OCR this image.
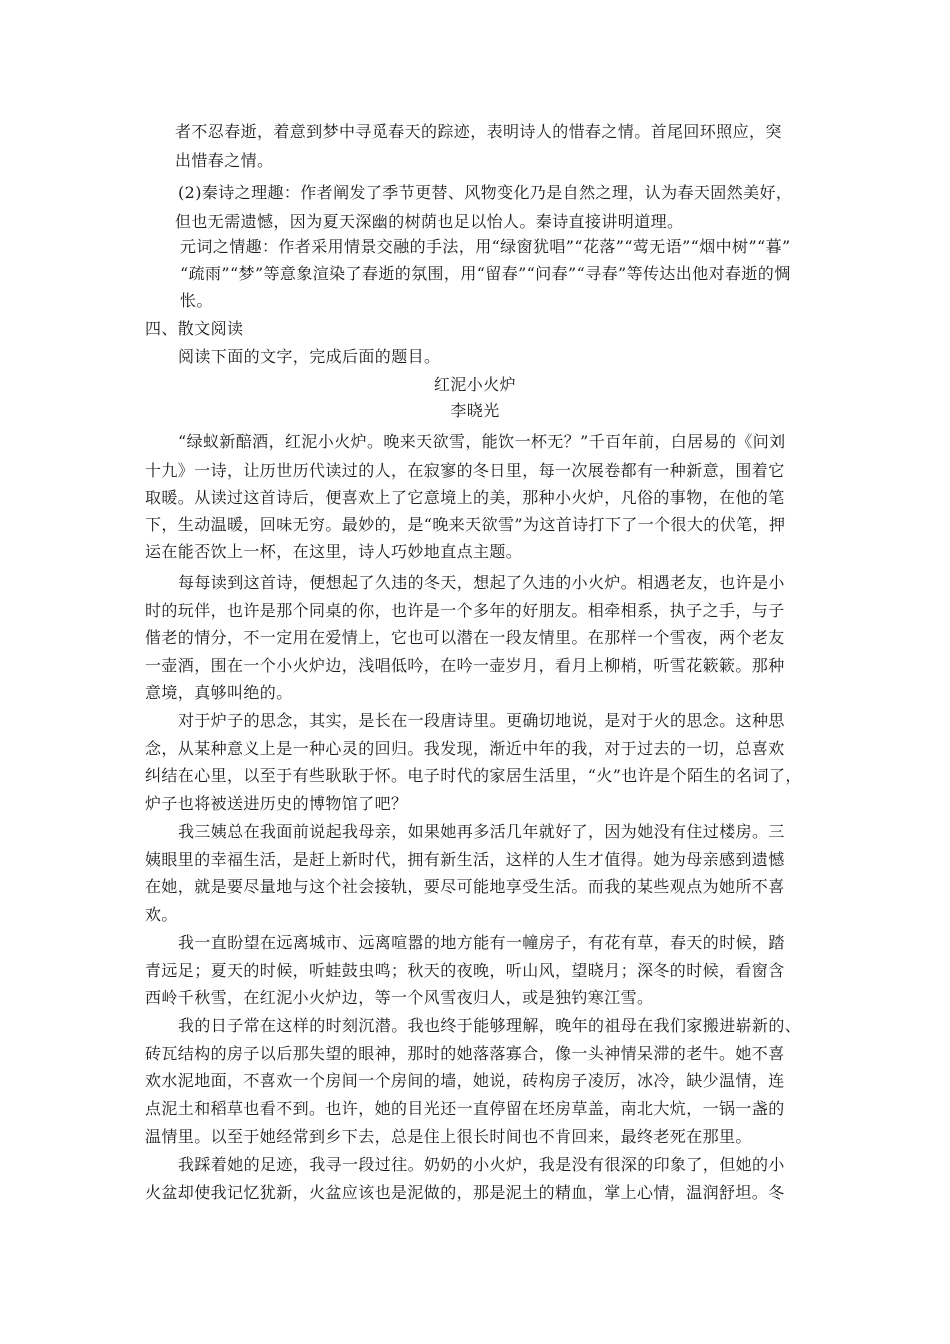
者不忍春逝，着意到梦中寻觅春天的踪迹，表明诗人的惜春之情。首尾回环照应，突
出惜春之情。
(2)秦诗之理趣：作者阐发了季节更替、风物变化乃是自然之理，认为春天固然美好，
但也无需遗憾，因为夏天深幽的树荫也足以怡人。秦诗直接讲明道理。
元词之情趣：作者采用情景交融的手法，用“绿窗犹唱”“花落”“莺无语”“烟中树”“暮”
“疏雨”“梦”等意象渲染了春逝的氛围，用“留春”“问春”“寻春”等传达出他对春逝的惆
怅。
四、散文阅读
阅读下面的文字，完成后面的题目。
红泥小火炉
李晓光
“绿蚁新醅酒，红泥小火炉。晚来天欲雪，能饮一杯无？”千百年前，白居易的《问刘
十九》一诗，让历世历代读过的人，在寂寥的冬日里，每一次展卷都有一种新意，围着它
取暖。从读过这首诗后，便喜欢上了它意境上的美，那种小火炉，凡俗的事物，在他的笔
下，生动温暖，回味无穷。最妙的，是“晚来天欲雪”为这首诗打下了一个很大的伏笔，押
运在能否饮上一杯，在这里，诗人巧妙地直点主题。
每每读到这首诗，便想起了久违的冬天，想起了久违的小火炉。相遇老友，也许是小
时的玩伴，也许是那个同桌的你，也许是一个多年的好朋友。相牵相系，执子之手，与子
偕老的情分，不一定用在爱情上，它也可以潜在一段友情里。在那样一个雪夜，两个老友
一壶酒，围在一个小火炉边，浅唱低吟，在吟一壶岁月，看月上柳梢，听雪花簌簌。那种
意境，真够叫绝的。
对于炉子的思念，其实，是长在一段唐诗里。更确切地说，是对于火的思念。这种思
念，从某种意义上是一种心灵的回归。我发现，渐近中年的我，对于过去的一切，总喜欢
纠结在心里，以至于有些耿耿于怀。电子时代的家居生活里，“火”也许是个陌生的名词了，
炉子也将被送进历史的博物馆了吧？
我三姨总在我面前说起我母亲，如果她再多活几年就好了，因为她没有住过楼房。三
姨眼里的幸福生活，是赶上新时代，拥有新生活，这样的人生才值得。她为母亲感到遗憾
在她，就是要尽量地与这个社会接轨，要尽可能地享受生活。而我的某些观点为她所不喜
欢。
我一直盼望在远离城市、远离喧嚣的地方能有一幢房子，有花有草，春天的时候，踏
青远足；夏天的时候，听蛙鼓虫鸣；秋天的夜晚，听山风，望晓月；深冬的时候，看窗含
西岭千秋雪，在红泥小火炉边，等一个风雪夜归人，或是独钓寒江雪。
我的日子常在这样的时刻沉潜。我也终于能够理解，晚年的祖母在我们家搬进崭新的、
砖瓦结构的房子以后那失望的眼神，那时的她落落寡合，像一头神情呆滞的老牛。她不喜
欢水泥地面，不喜欢一个房间一个房间的墙，她说，砖构房子凌厉，冰冷，缺少温情，连
点泥土和稻草也看不到。也许，她的目光还一直停留在坯房草盖，南北大炕，一锅一盏的
温情里。以至于她经常到乡下去，总是住上很长时间也不肯回来，最终老死在那里。
我踩着她的足迹，我寻一段过往。奶奶的小火炉，我是没有很深的印象了，但她的小
火盆却使我记忆犹新，火盆应该也是泥做的，那是泥土的精血，掌上心情，温润舒坦。冬
